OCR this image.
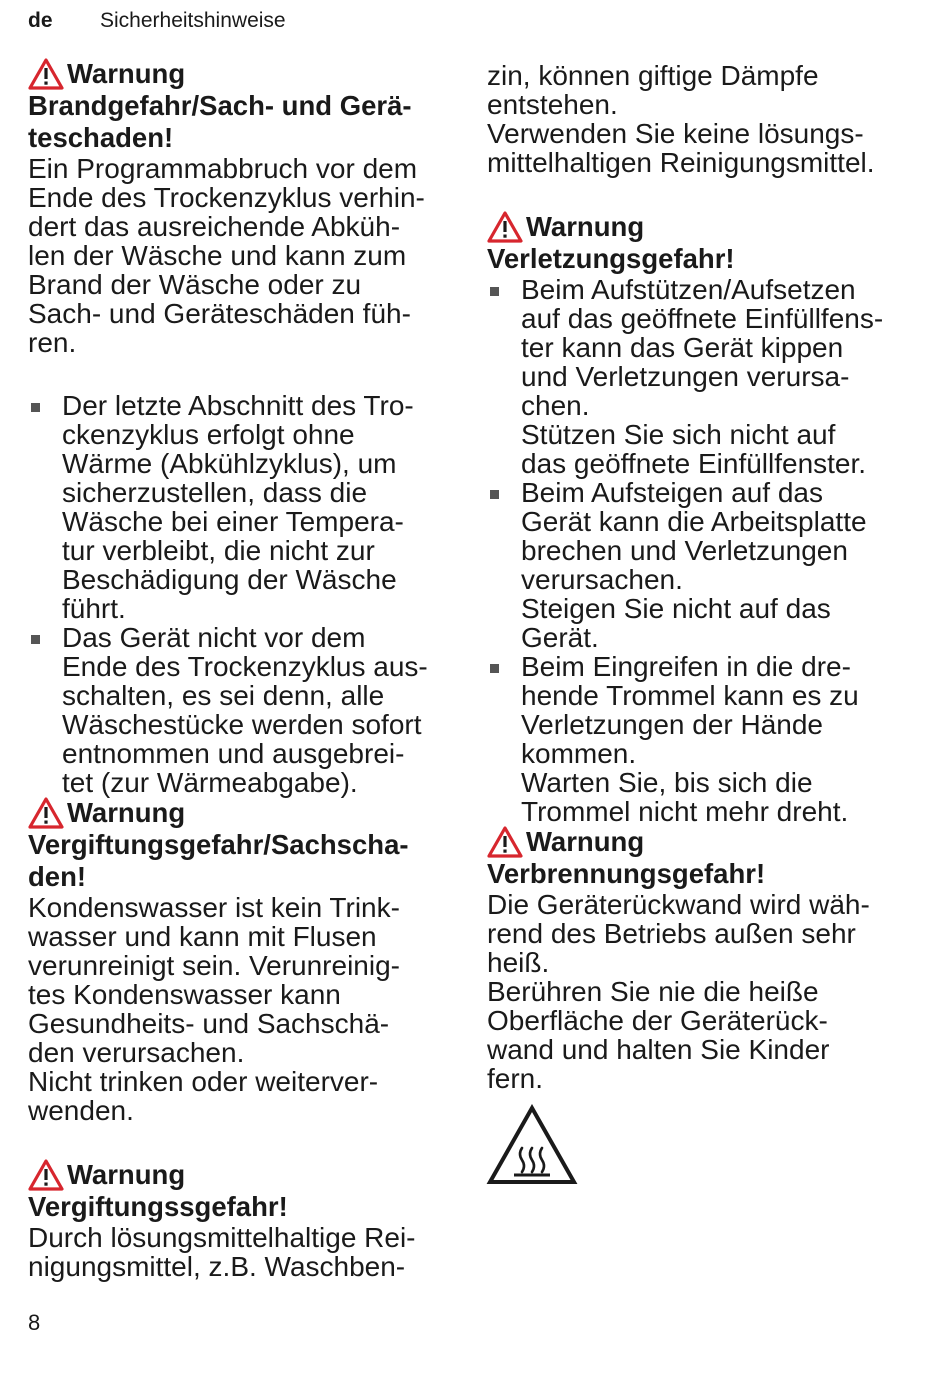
de Sicherheitshinweise
Warnung
Brandgefahr/Sach- und Gerä-
teschaden!
Ein Programmabbruch vor dem
Ende des Trockenzyklus verhin-
dert das ausreichende Abküh-
len der Wäsche und kann zum
Brand der Wäsche oder zu
Sach- und Geräteschäden füh-
ren.
Der letzte Abschnitt des Tro-
ckenzyklus erfolgt ohne
Wärme (Abkühlzyklus), um
sicherzustellen, dass die
Wäsche bei einer Tempera-
tur verbleibt, die nicht zur
Beschädigung der Wäsche
führt.
Das Gerät nicht vor dem
Ende des Trockenzyklus aus-
schalten, es sei denn, alle
Wäschestücke werden sofort
entnommen und ausgebrei-
tet (zur Wärmeabgabe).
Warnung
Vergiftungsgefahr/Sachscha-
den!
Kondenswasser ist kein Trink-
wasser und kann mit Flusen
verunreinigt sein. Verunreinig-
tes Kondenswasser kann
Gesundheits- und Sachschä-
den verursachen.
Nicht trinken oder weiterver-
wenden.
Warnung
Vergiftungssgefahr!
Durch lösungsmittelhaltige Rei-
nigungsmittel, z.B. Waschben-
zin, können giftige Dämpfe
entstehen.
Verwenden Sie keine lösungs-
mittelhaltigen Reinigungsmittel.
Warnung
Verletzungsgefahr!
Beim Aufstützen/Aufsetzen
auf das geöffnete Einfüllfens-
ter kann das Gerät kippen
und Verletzungen verursa-
chen.
Stützen Sie sich nicht auf
das geöffnete Einfüllfenster.
Beim Aufsteigen auf das
Gerät kann die Arbeitsplatte
brechen und Verletzungen
verursachen.
Steigen Sie nicht auf das
Gerät.
Beim Eingreifen in die dre-
hende Trommel kann es zu
Verletzungen der Hände
kommen.
Warten Sie, bis sich die
Trommel nicht mehr dreht.
Warnung
Verbrennungsgefahr!
Die Geräterückwand wird wäh-
rend des Betriebs außen sehr
heiß.
Berühren Sie nie die heiße
Oberfläche der Geräterück-
wand und halten Sie Kinder
fern.
8
